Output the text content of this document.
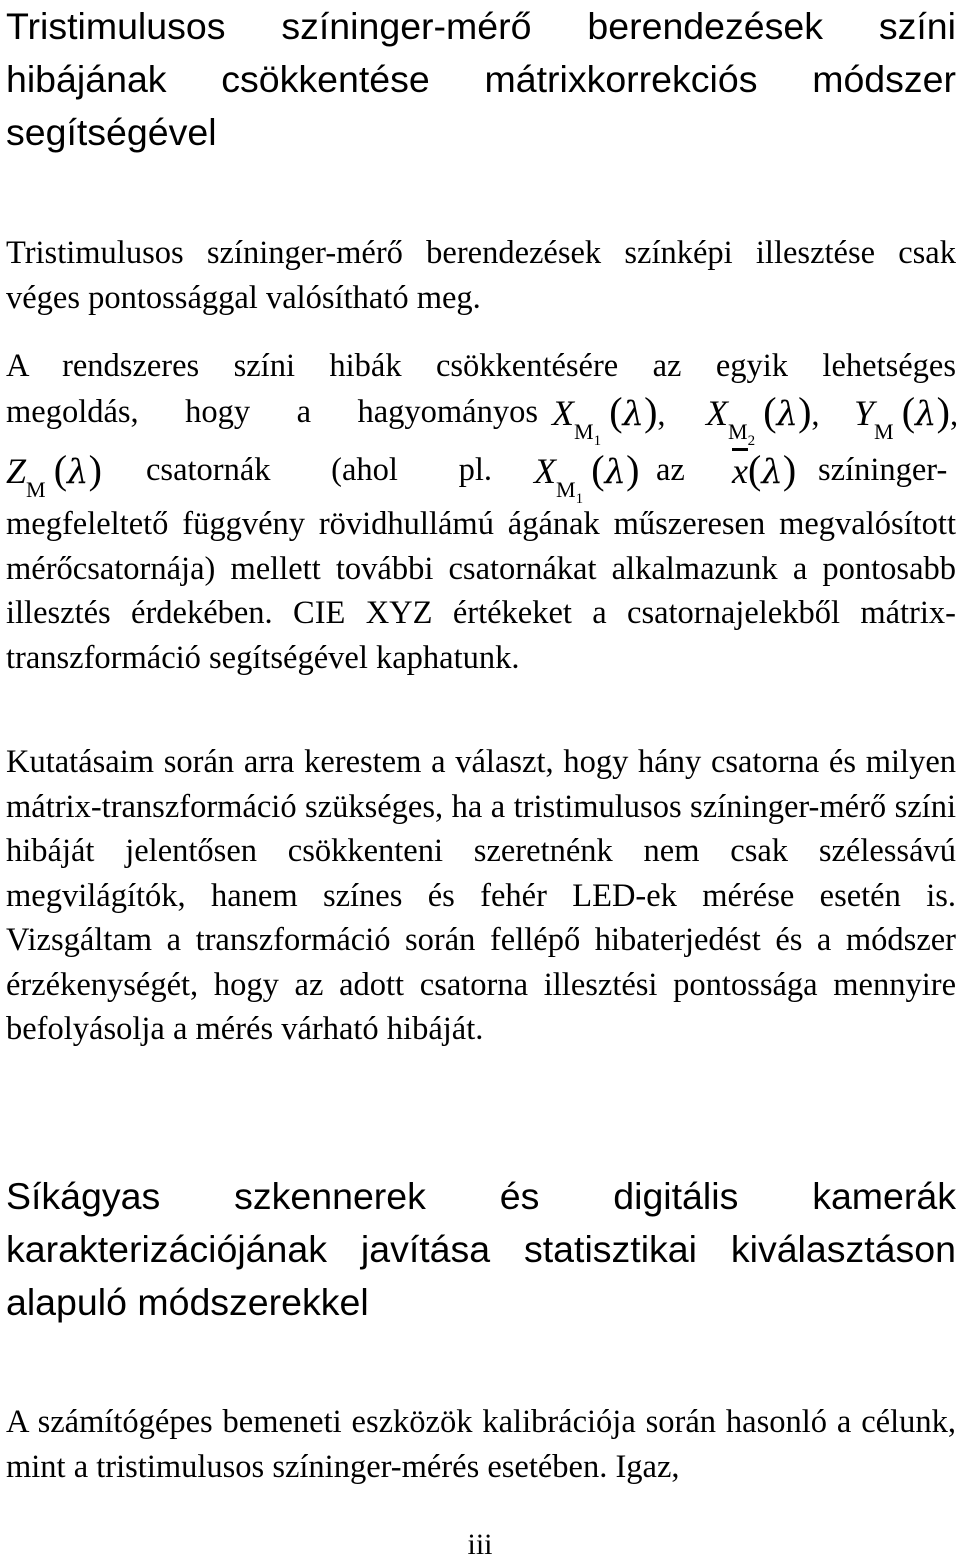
Tristimulusos színinger-mérő berendezések színi hibájának csökkentése mátrixkorrekciós módszer segítségével

Tristimulusos színinger-mérő berendezések színképi illesztése csak véges pontossággal valósítható meg.

A rendszeres színi hibák csökkentésére az egyik lehetséges
megoldás, hogy a hagyományos $X_{M_1}$ (λ), $X_{M_2}$ (λ), $Y_M$ (λ),
$Z_M$ (λ) csatornák (ahol pl. $X_{M_1}$ (λ) az $\overline{x}(\lambda)$ színinger-

megfeleltető függvény rövidhullámú ágának műszeresen megvalósított mérőcsatornája) mellett további csatornákat alkalmazunk a pontosabb illesztés érdekében. CIE XYZ értékeket a csatornajelekből mátrix-transzformáció segítségével kaphatunk.

Kutatásaim során arra kerestem a választ, hogy hány csatorna és milyen mátrix-transzformáció szükséges, ha a tristimulusos színinger-mérő színi hibáját jelentősen csökkenteni szeretnénk nem csak szélessávú megvilágítók, hanem színes és fehér LED-ek mérése esetén is. Vizsgáltam a transzformáció során fellépő hibaterjedést és a módszer érzékenységét, hogy az adott csatorna illesztési pontossága mennyire befolyásolja a mérés várható hibáját.

Síkágyas szkennerek és digitális kamerák karakterizációjának javítása statisztikai kiválasztáson alapuló módszerekkel

A számítógépes bemeneti eszközök kalibrációja során hasonló a célunk, mint a tristimulusos színinger-mérés esetében. Igaz,

iii
